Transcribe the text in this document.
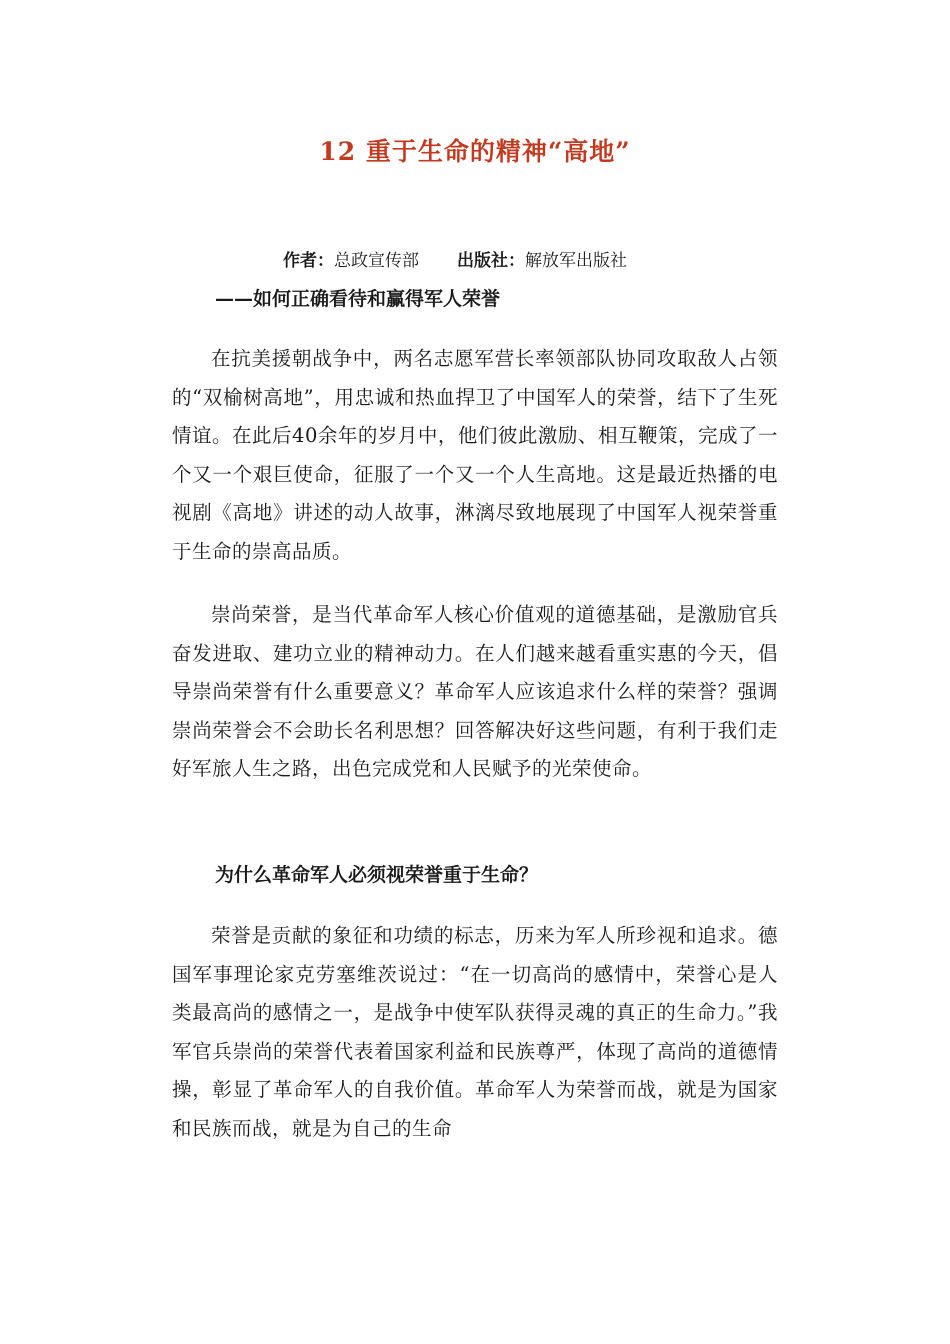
12 重于生命的精神“高地”
作者：总政宣传部 出版社：解放军出版社
——如何正确看待和赢得军人荣誉

在抗美援朝战争中，两名志愿军营长率领部队协同攻取敌人占领的“双榆树高地”，用忠诚和热血捍卫了中国军人的荣誉，结下了生死情谊。在此后40余年的岁月中，他们彼此激励、相互鞭策，完成了一个又一个艰巨使命，征服了一个又一个人生高地。这是最近热播的电视剧《高地》讲述的动人故事，淋漓尽致地展现了中国军人视荣誉重于生命的崇高品质。

崇尚荣誉，是当代革命军人核心价值观的道德基础，是激励官兵奋发进取、建功立业的精神动力。在人们越来越看重实惠的今天，倡导崇尚荣誉有什么重要意义？革命军人应该追求什么样的荣誉？强调崇尚荣誉会不会助长名利思想？回答解决好这些问题，有利于我们走好军旅人生之路，出色完成党和人民赋予的光荣使命。

为什么革命军人必须视荣誉重于生命？

荣誉是贡献的象征和功绩的标志，历来为军人所珍视和追求。德国军事理论家克劳塞维茨说过：“在一切高尚的感情中，荣誉心是人类最高尚的感情之一，是战争中使军队获得灵魂的真正的生命力。”我军官兵崇尚的荣誉代表着国家利益和民族尊严，体现了高尚的道德情操，彰显了革命军人的自我价值。革命军人为荣誉而战，就是为国家和民族而战，就是为自己的生命
